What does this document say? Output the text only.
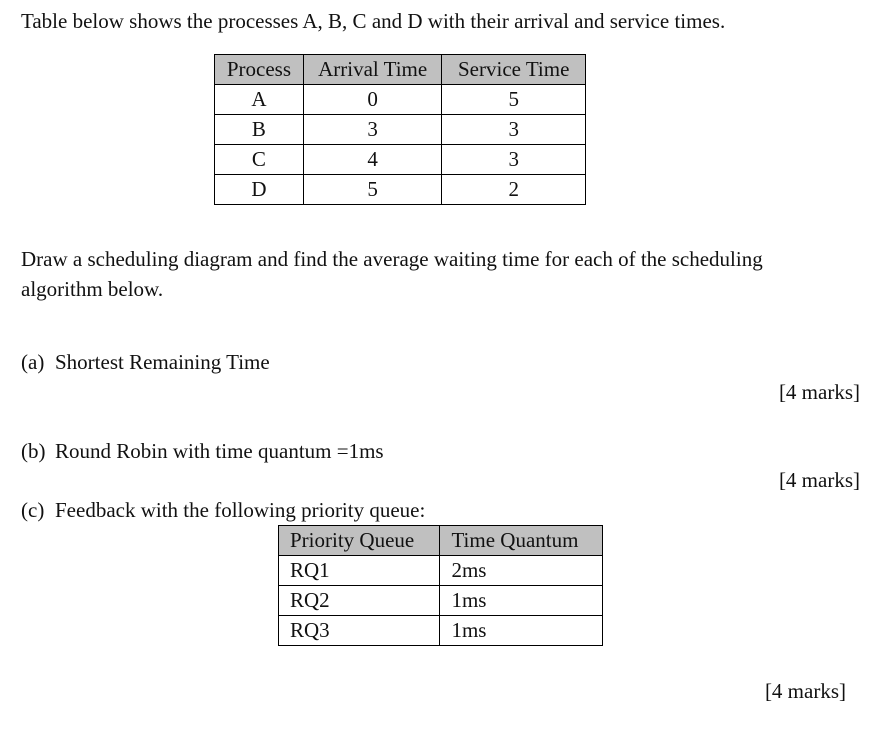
Table below shows the processes A, B, C and D with their arrival and service times.
Process	Arrival Time	Service Time
A	0	5
B	3	3
C	4	3
D	5	2
Draw a scheduling diagram and find the average waiting time for each of the scheduling
algorithm below.
(a) Shortest Remaining Time
[4 marks]
(b) Round Robin with time quantum =1ms
[4 marks]
(c) Feedback with the following priority queue:
Priority Queue	Time Quantum
RQ1	2ms
RQ2	1ms
RQ3	1ms
[4 marks]
